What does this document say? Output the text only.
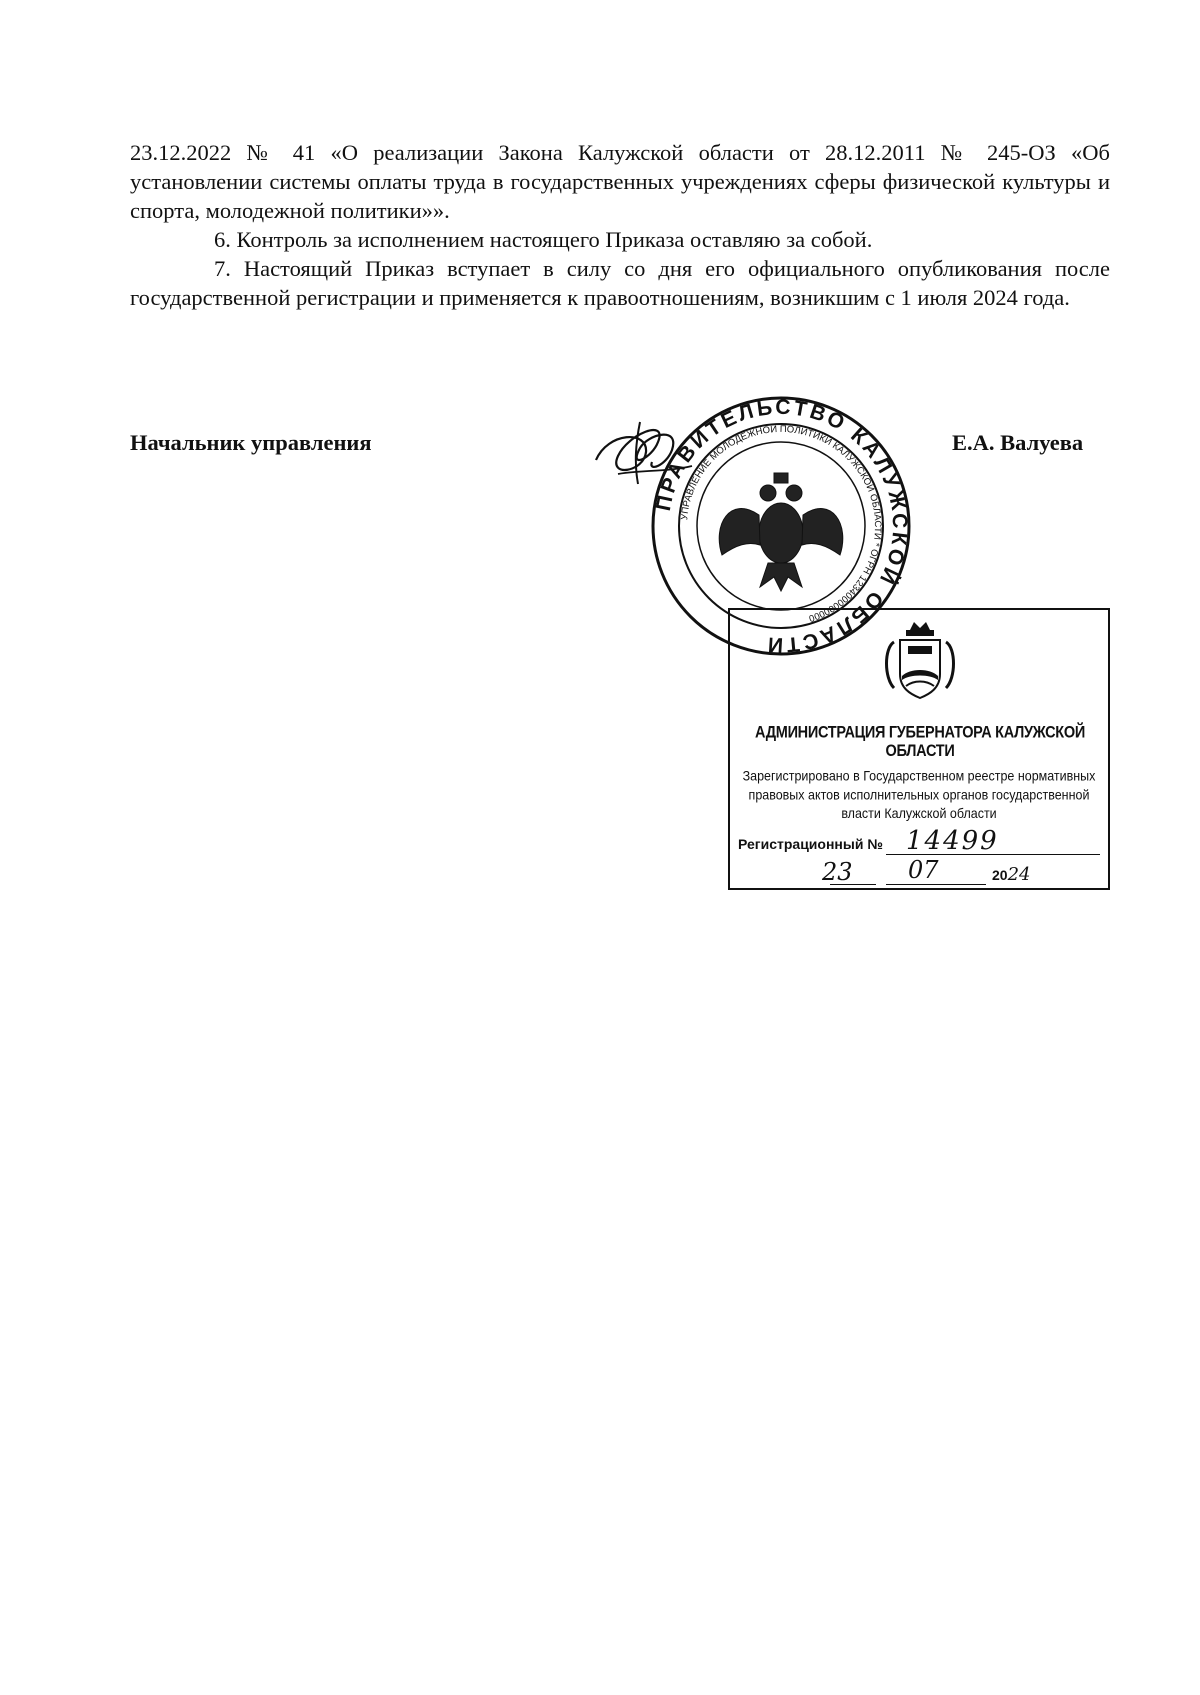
23.12.2022 № 41 «О реализации Закона Калужской области от 28.12.2011 № 245-ОЗ «Об установлении системы оплаты труда в государственных учреждениях сферы физической культуры и спорта, молодежной политики»».

6. Контроль за исполнением настоящего Приказа оставляю за собой.

7. Настоящий Приказ вступает в силу со дня его официального опубликования после государственной регистрации и применяется к правоотношениям, возникшим с 1 июля 2024 года.

Начальник управления	Е.А. Валуева
ПРАВИТЕЛЬСТВО КАЛУЖСКОЙ ОБЛАСТИ
УПРАВЛЕНИЕ МОЛОДЕЖНОЙ ПОЛИТИКИ КАЛУЖСКОЙ ОБЛАСТИ * ОГРН 1234000000000
АДМИНИСТРАЦИЯ ГУБЕРНАТОРА КАЛУЖСКОЙ ОБЛАСТИ
Зарегистрировано в Государственном реестре нормативных правовых актов исполнительных органов государственной власти Калужской области
Регистрационный № 14499
23 07	2024
